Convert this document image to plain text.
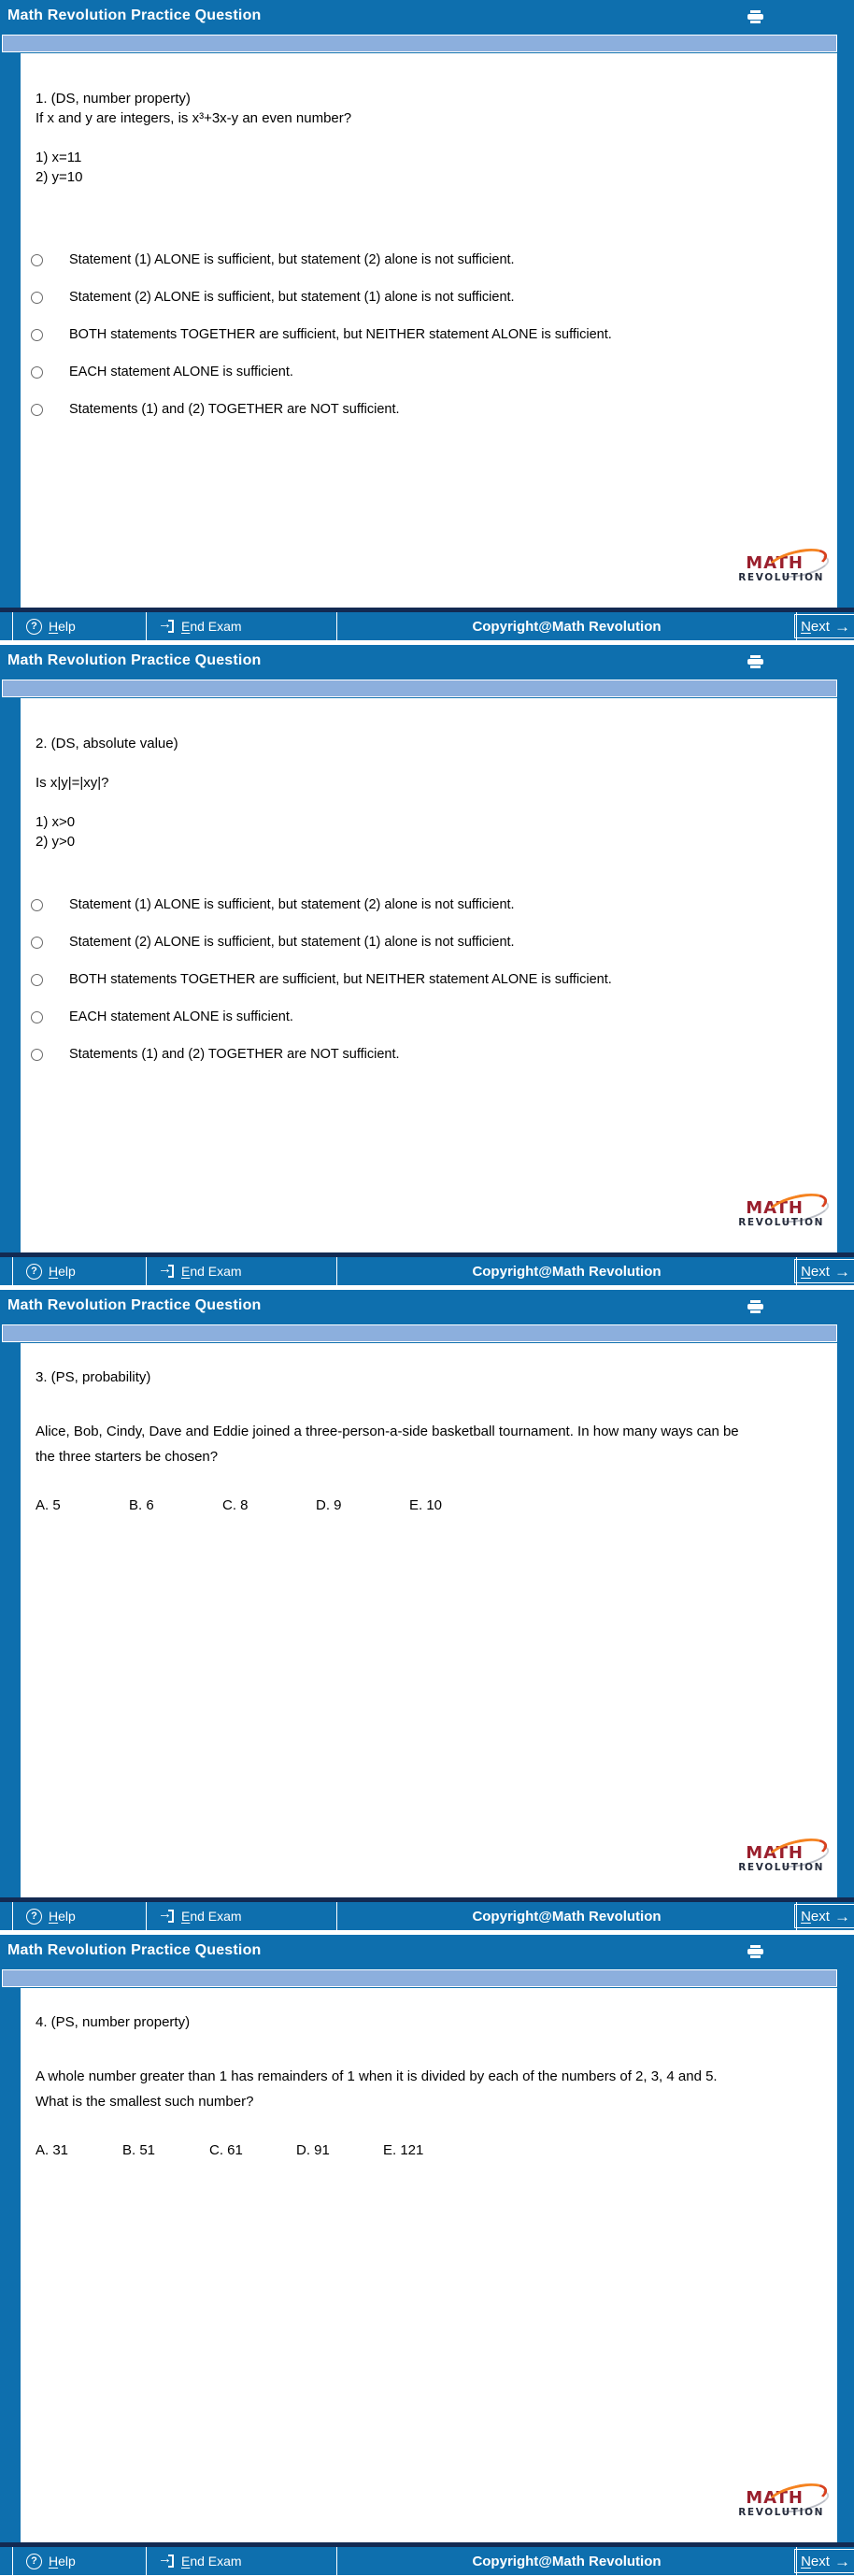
Math Revolution Practice Question
1. (DS, number property)
If x and y are integers, is x³+3x-y an even number?
1) x=11
2) y=10
Statement (1) ALONE is sufficient, but statement (2) alone is not sufficient.
Statement (2) ALONE is sufficient, but statement (1) alone is not sufficient.
BOTH statements TOGETHER are sufficient, but NEITHER statement ALONE is sufficient.
EACH statement ALONE is sufficient.
Statements (1) and (2) TOGETHER are NOT sufficient.
MATH
REVOLUTION
? Help	→ End Exam	Copyright@Math Revolution	Next →
Math Revolution Practice Question
2. (DS, absolute value)
Is x|y|=|xy|?
1) x>0
2) y>0
Statement (1) ALONE is sufficient, but statement (2) alone is not sufficient.
Statement (2) ALONE is sufficient, but statement (1) alone is not sufficient.
BOTH statements TOGETHER are sufficient, but NEITHER statement ALONE is sufficient.
EACH statement ALONE is sufficient.
Statements (1) and (2) TOGETHER are NOT sufficient.
MATH
REVOLUTION
? Help	→ End Exam	Copyright@Math Revolution	Next →
Math Revolution Practice Question
3. (PS, probability)
Alice, Bob, Cindy, Dave and Eddie joined a three-person-a-side basketball tournament. In how many ways can be
the three starters be chosen?
A. 5	B. 6	C. 8	D. 9	E. 10
MATH
REVOLUTION
? Help	→ End Exam	Copyright@Math Revolution	Next →
Math Revolution Practice Question
4. (PS, number property)
A whole number greater than 1 has remainders of 1 when it is divided by each of the numbers of 2, 3, 4 and 5.
What is the smallest such number?
A. 31	B. 51	C. 61	D. 91	E. 121
MATH
REVOLUTION
? Help	→ End Exam	Copyright@Math Revolution	Next →
